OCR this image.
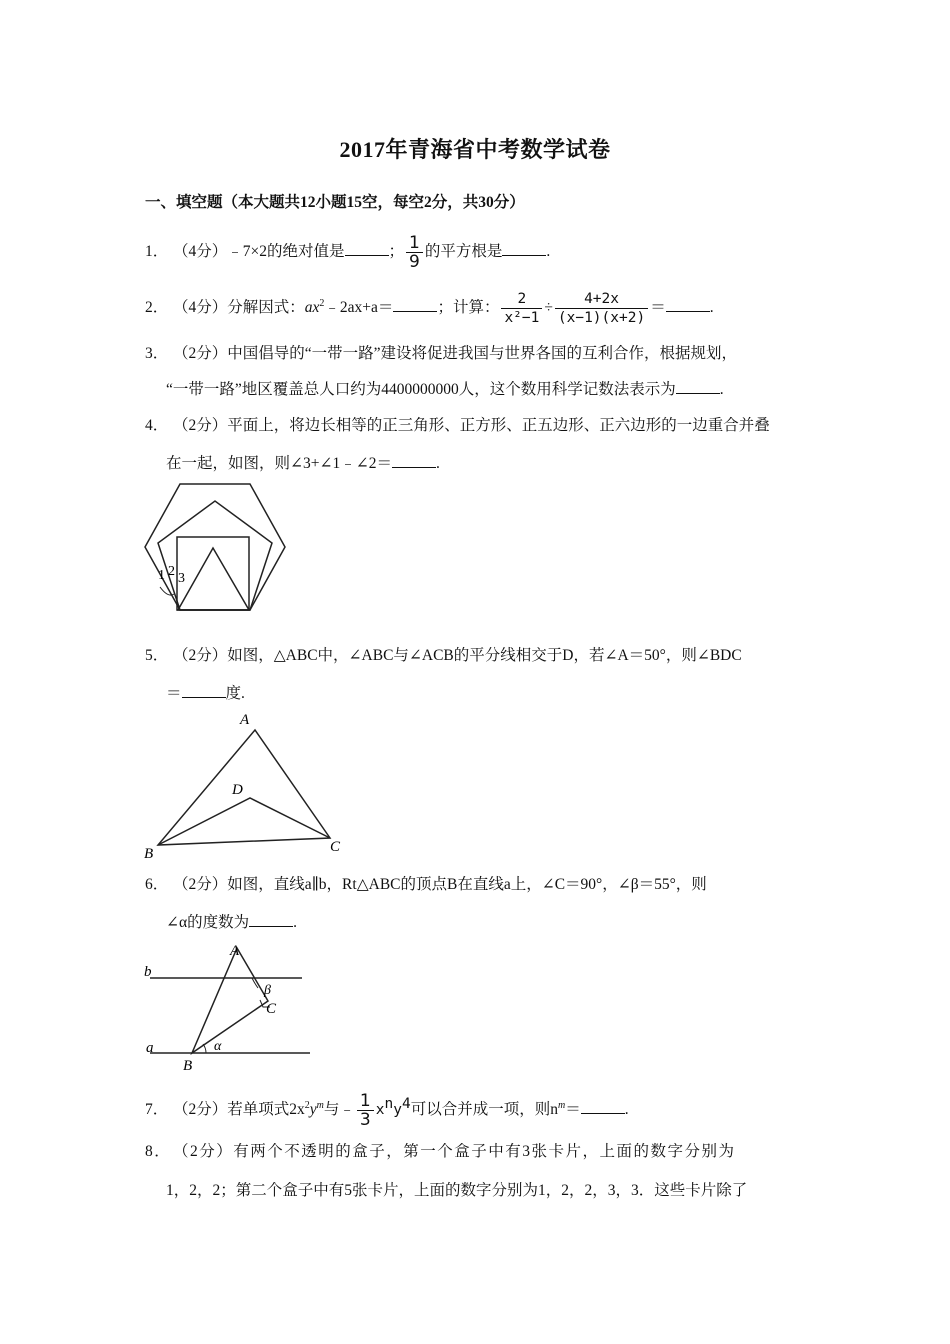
2017年青海省中考数学试卷
一、填空题（本大题共12小题15空，每空2分，共30分）
1． （4分）﹣7×2的绝对值是	； $\frac{1}{9}$ 的平方根是	.
2． （4分）分解因式：$ax^2﹣2ax+a=$	；计算： $\frac{2}{\text{x²−1}} \div \frac{4+2x}{(x-1)(x+2)}$ ＝	.
3． （2分）中国倡导的“一带一路”建设将促进我国与世界各国的互利合作，根据规划，
“一带一路”地区覆盖总人口约为4400000000人，这个数用科学记数法表示为	.
4． （2分）平面上，将边长相等的正三角形、正方形、正五边形、正六边形的一边重合并叠
在一起，如图，则∠3+∠1﹣∠2＝	.
1 2 3
5． （2分）如图，△ABC中，∠ABC与∠ACB的平分线相交于D，若∠A＝50°，则∠BDC
＝	度.
A
D
B	C
6． （2分）如图，直线a∥b，Rt△ABC的顶点B在直线a上，∠C＝90°，∠β＝55°，则
∠α的度数为	.
A
β
C
b
a	α
B
7． （2分）若单项式$2x^2y^m$与﹣ $\frac{1}{3} x^ny^4$可以合并成一项，则$n^m=$	.
8． （2分）有两个不透明的盒子，第一个盒子中有3张卡片，上面的数字分别为
1，2，2；第二个盒子中有5张卡片，上面的数字分别为1，2，2，3，3．这些卡片除了
